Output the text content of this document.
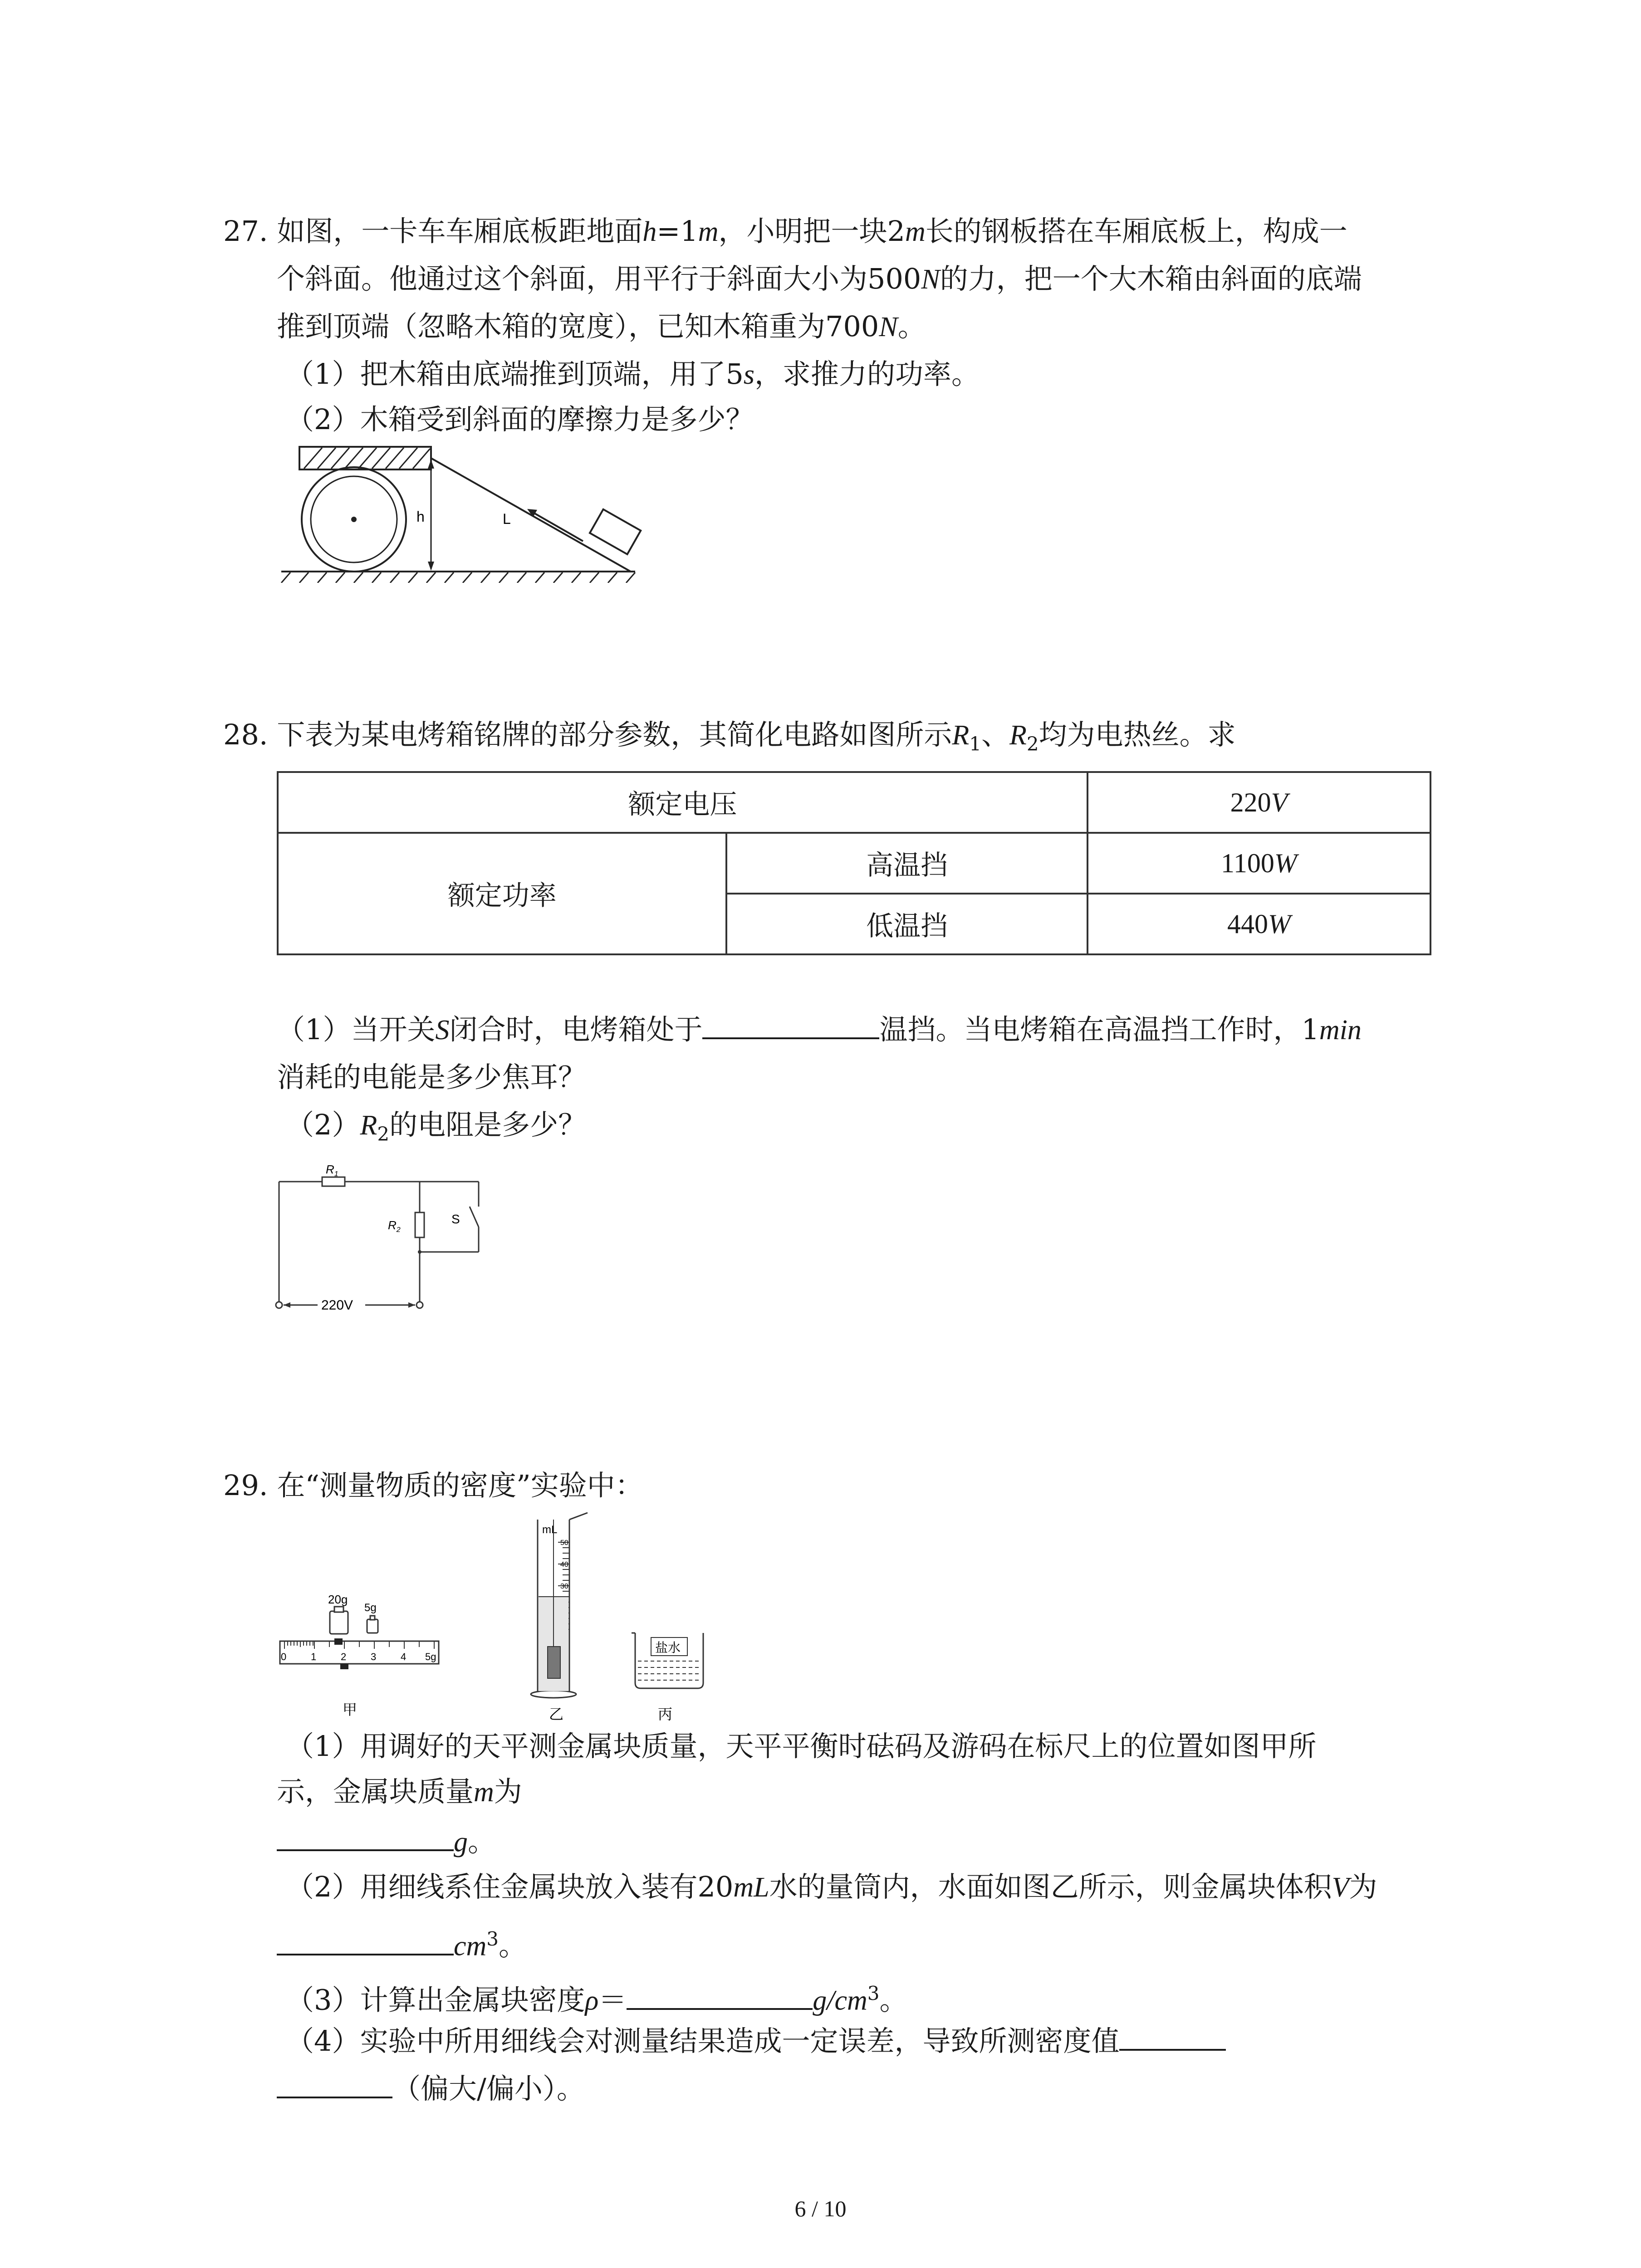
27. 如图，一卡车车厢底板距地面h=1m，小明把一块2m长的钢板搭在车厢底板上，构成一
个斜面。他通过这个斜面，用平行于斜面大小为500N的力，把一个大木箱由斜面的底端
推到顶端（忽略木箱的宽度），已知木箱重为700N。
（1）把木箱由底端推到顶端，用了5s，求推力的功率。
（2）木箱受到斜面的摩擦力是多少？
h	L
28. 下表为某电烤箱铭牌的部分参数，其简化电路如图所示$R_1$、$R_2$均为电热丝。求
额定电压		220V
额定功率	高温挡	1100W
	低温挡	440W
（1）当开关S闭合时，电烤箱处于	温挡。当电烤箱在高温挡工作时，1min
消耗的电能是多少焦耳？
$(2)R_2$的电阻是多少？
$R_1$
$R_2$
S
220V
29. 在“测量物质的密度”实验中：
20g
5g
0 1 2 3 4 5g
甲
mL
50
40
30
乙
盐水
丙
（1）用调好的天平测金属块质量，天平平衡时砝码及游码在标尺上的位置如图甲所
示，金属块质量m为
g。
（2）用细线系住金属块放入装有20mL水的量筒内，水面如图乙所示，则金属块体积V为
$cm^3$。
（3）计算出金属块密度ρ＝	$g/cm^3$。
（4）实验中所用细线会对测量结果造成一定误差，导致所测密度值
（偏大/偏小）。
6 / 10
